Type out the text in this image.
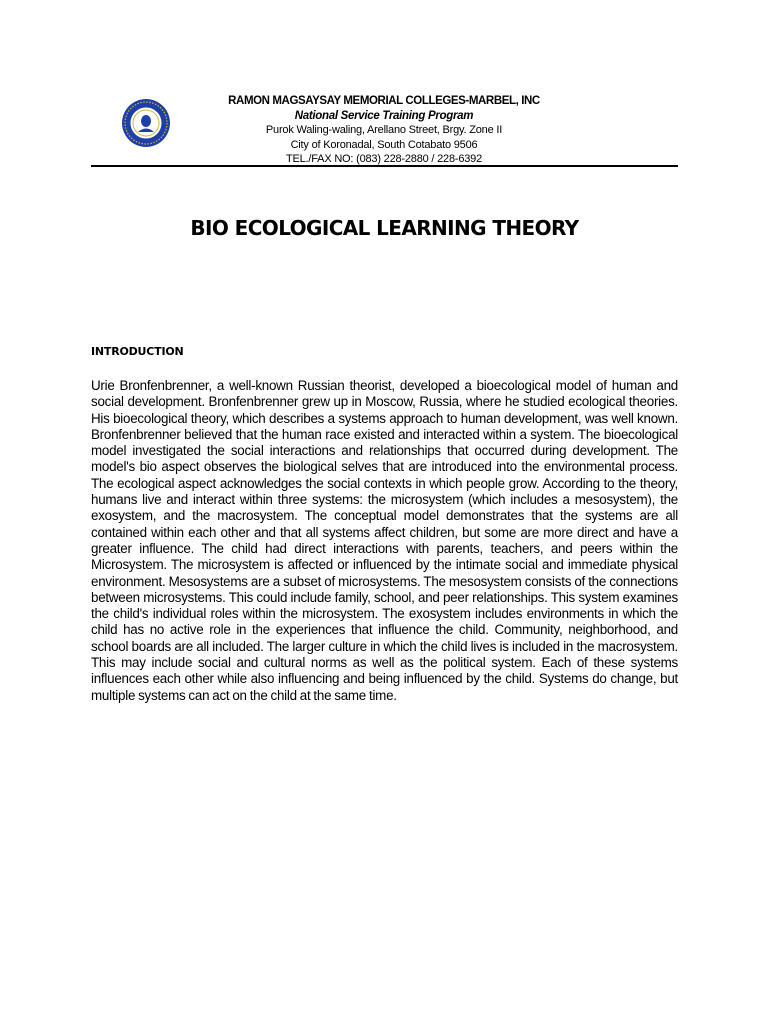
RAMON MAGSAYSAY MEMORIAL COLLEGES-MARBEL, INC
National Service Training Program
Purok Waling-waling, Arellano Street, Brgy. Zone II
City of Koronadal, South Cotabato 9506
TEL./FAX NO: (083) 228-2880 / 228-6392
BIO ECOLOGICAL LEARNING THEORY
INTRODUCTION

Urie Bronfenbrenner, a well-known Russian theorist, developed a bioecological model of human and social development. Bronfenbrenner grew up in Moscow, Russia, where he studied ecological theories. His bioecological theory, which describes a systems approach to human development, was well known. Bronfenbrenner believed that the human race existed and interacted within a system. The bioecological model investigated the social interactions and relationships that occurred during development. The model's bio aspect observes the biological selves that are introduced into the environmental process. The ecological aspect acknowledges the social contexts in which people grow. According to the theory, humans live and interact within three systems: the microsystem (which includes a mesosystem), the exosystem, and the macrosystem. The conceptual model demonstrates that the systems are all contained within each other and that all systems affect children, but some are more direct and have a greater influence. The child had direct interactions with parents, teachers, and peers within the Microsystem. The microsystem is affected or influenced by the intimate social and immediate physical environment. Mesosystems are a subset of microsystems. The mesosystem consists of the connections between microsystems. This could include family, school, and peer relationships. This system examines the child's individual roles within the microsystem. The exosystem includes environments in which the child has no active role in the experiences that influence the child. Community, neighborhood, and school boards are all included. The larger culture in which the child lives is included in the macrosystem. This may include social and cultural norms as well as the political system. Each of these systems influences each other while also influencing and being influenced by the child. Systems do change, but multiple systems can act on the child at the same time.
